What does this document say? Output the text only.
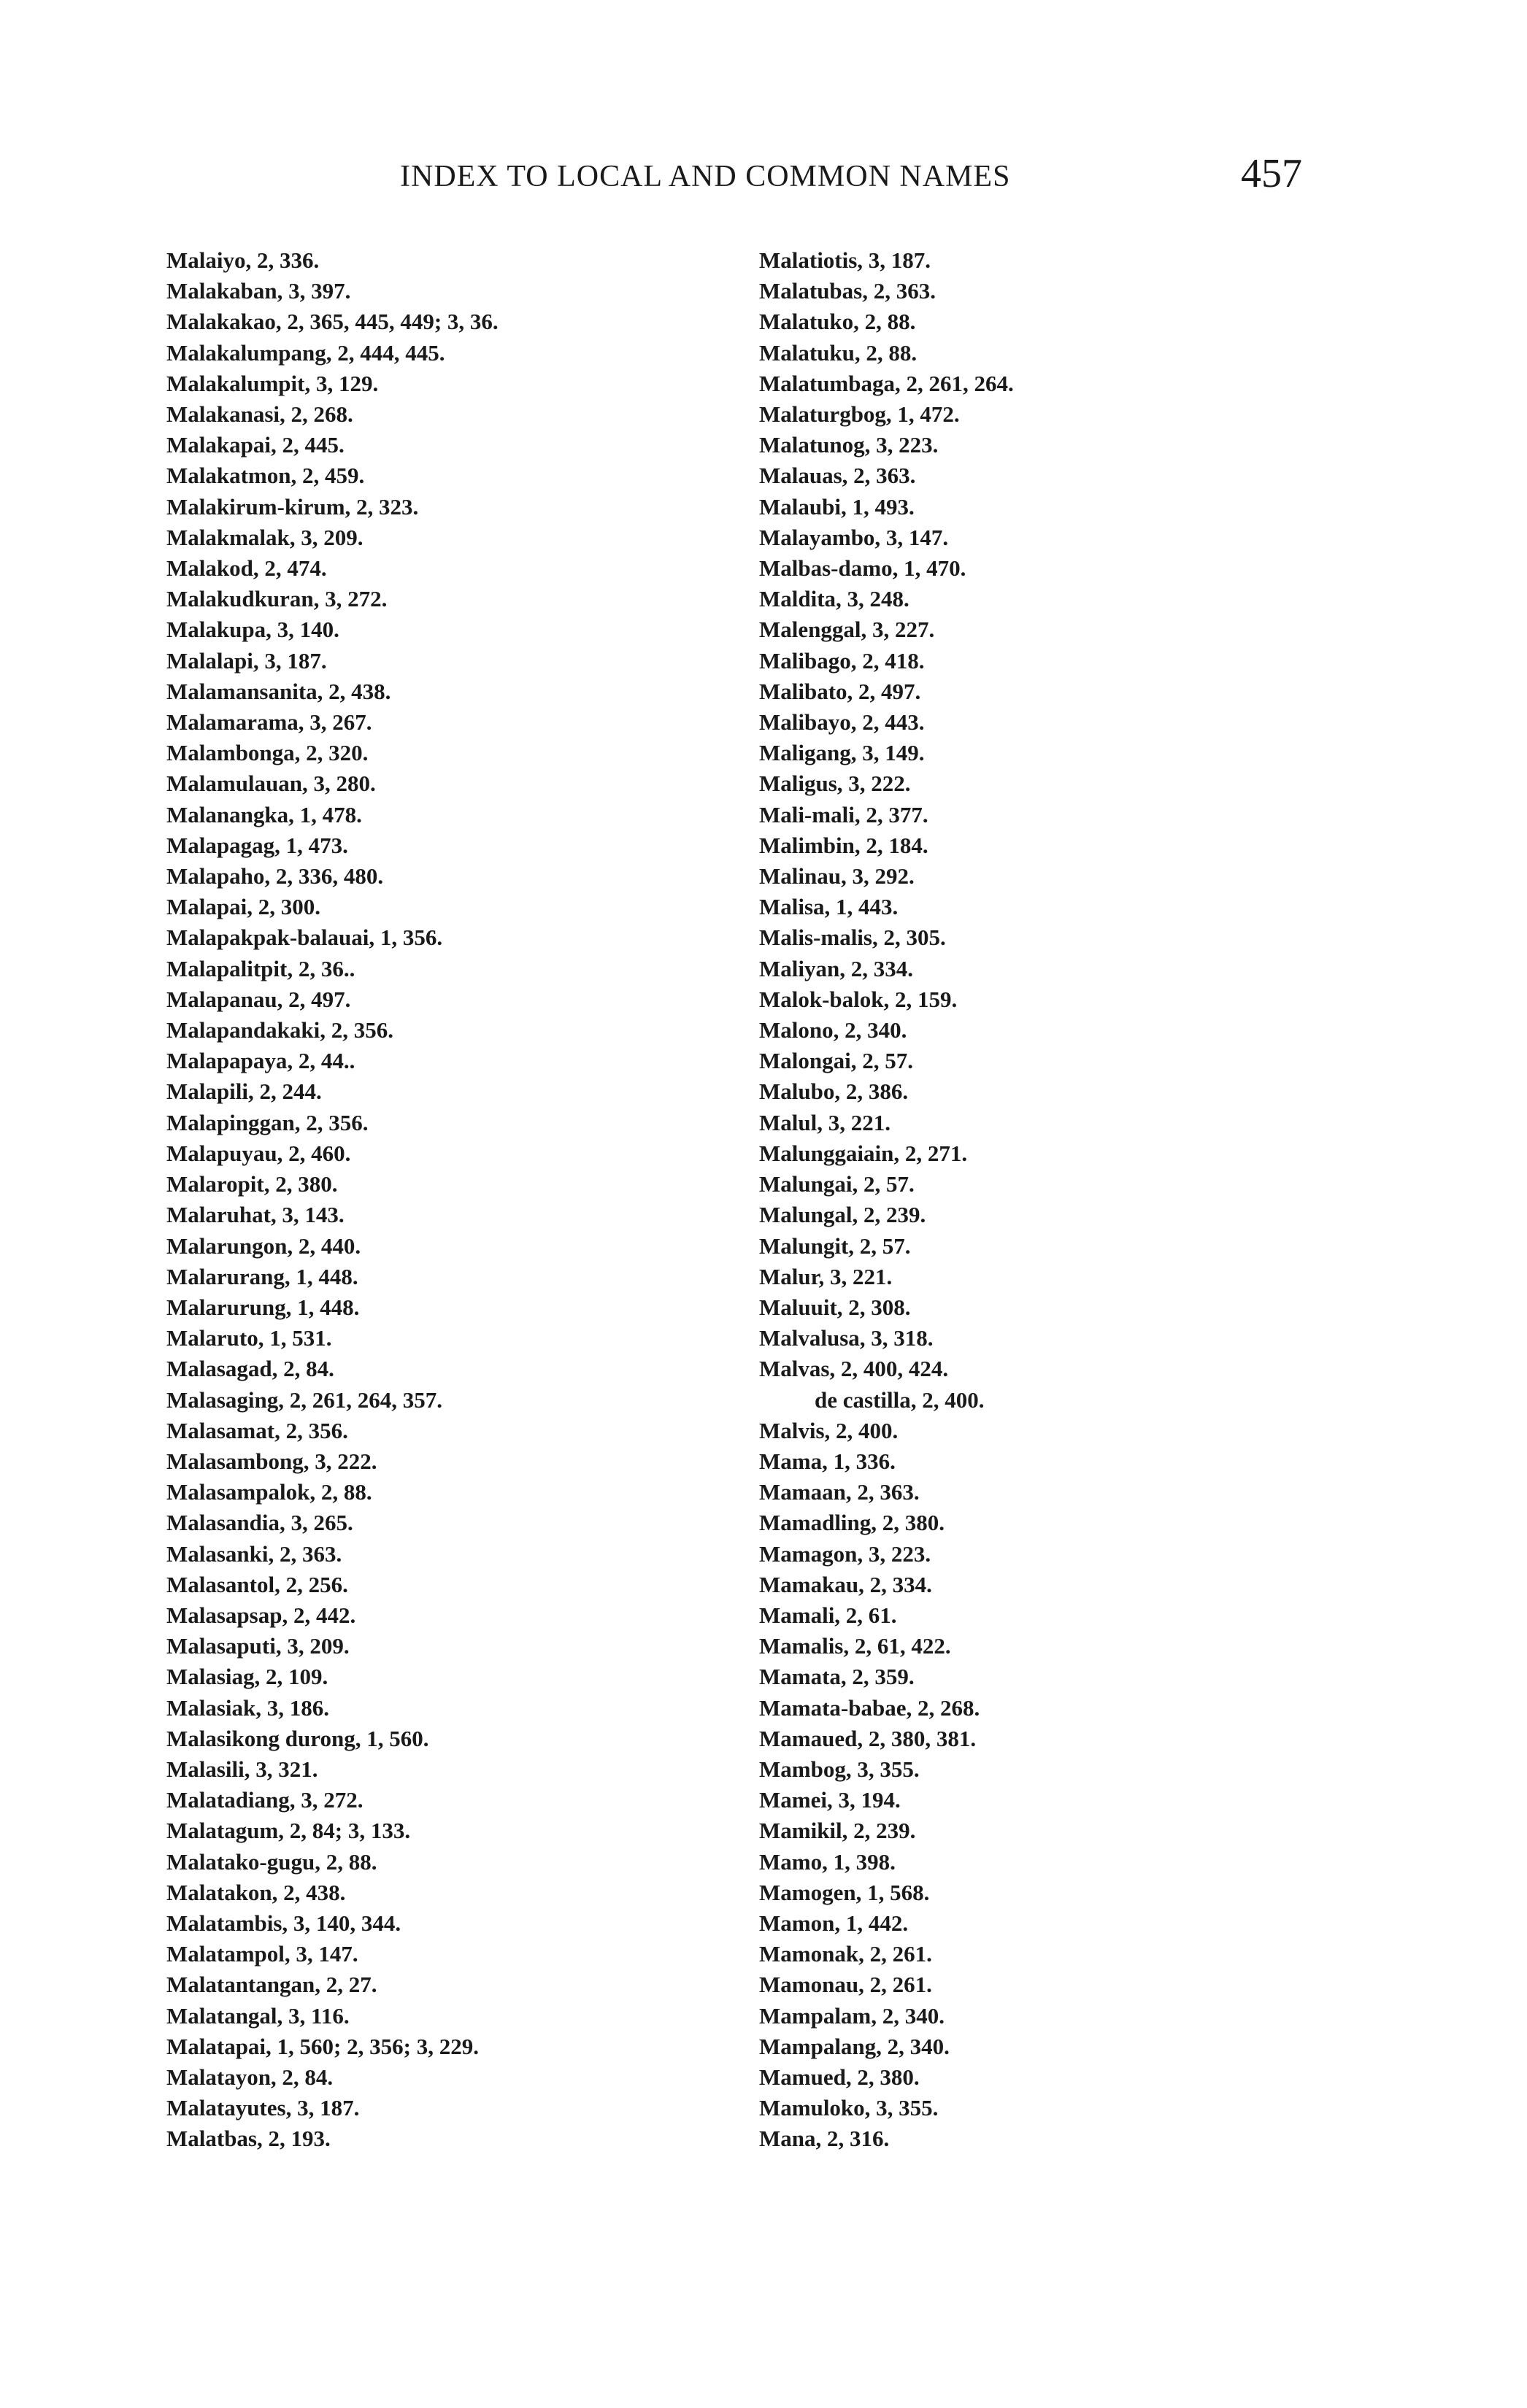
INDEX TO LOCAL AND COMMON NAMES	457
Malaiyo, 2, 336.
Malakaban, 3, 397.
Malakakao, 2, 365, 445, 449; 3, 36.
Malakalumpang, 2, 444, 445.
Malakalumpit, 3, 129.
Malakanasi, 2, 268.
Malakapai, 2, 445.
Malakatmon, 2, 459.
Malakirum-kirum, 2, 323.
Malakmalak, 3, 209.
Malakod, 2, 474.
Malakudkuran, 3, 272.
Malakupa, 3, 140.
Malalapi, 3, 187.
Malamansanita, 2, 438.
Malamarama, 3, 267.
Malambonga, 2, 320.
Malamulauan, 3, 280.
Malanangka, 1, 478.
Malapagag, 1, 473.
Malapaho, 2, 336, 480.
Malapai, 2, 300.
Malapakpak-balauai, 1, 356.
Malapalitpit, 2, 36..
Malapanau, 2, 497.
Malapandakaki, 2, 356.
Malapapaya, 2, 44..
Malapili, 2, 244.
Malapinggan, 2, 356.
Malapuyau, 2, 460.
Malaropit, 2, 380.
Malaruhat, 3, 143.
Malarungon, 2, 440.
Malarurang, 1, 448.
Malarurung, 1, 448.
Malaruto, 1, 531.
Malasagad, 2, 84.
Malasaging, 2, 261, 264, 357.
Malasamat, 2, 356.
Malasambong, 3, 222.
Malasampalok, 2, 88.
Malasandia, 3, 265.
Malasanki, 2, 363.
Malasantol, 2, 256.
Malasapsap, 2, 442.
Malasaputi, 3, 209.
Malasiag, 2, 109.
Malasiak, 3, 186.
Malasikong durong, 1, 560.
Malasili, 3, 321.
Malatadiang, 3, 272.
Malatagum, 2, 84; 3, 133.
Malatako-gugu, 2, 88.
Malatakon, 2, 438.
Malatambis, 3, 140, 344.
Malatampol, 3, 147.
Malatantangan, 2, 27.
Malatangal, 3, 116.
Malatapai, 1, 560; 2, 356; 3, 229.
Malatayon, 2, 84.
Malatayutes, 3, 187.
Malatbas, 2, 193.
Malatiotis, 3, 187.
Malatubas, 2, 363.
Malatuko, 2, 88.
Malatuku, 2, 88.
Malatumbaga, 2, 261, 264.
Malaturgbog, 1, 472.
Malatunog, 3, 223.
Malauas, 2, 363.
Malaubi, 1, 493.
Malayambo, 3, 147.
Malbas-damo, 1, 470.
Maldita, 3, 248.
Malenggal, 3, 227.
Malibago, 2, 418.
Malibato, 2, 497.
Malibayo, 2, 443.
Maligang, 3, 149.
Maligus, 3, 222.
Mali-mali, 2, 377.
Malimbin, 2, 184.
Malinau, 3, 292.
Malisa, 1, 443.
Malis-malis, 2, 305.
Maliyan, 2, 334.
Malok-balok, 2, 159.
Malono, 2, 340.
Malongai, 2, 57.
Malubo, 2, 386.
Malul, 3, 221.
Malunggaiain, 2, 271.
Malungai, 2, 57.
Malungal, 2, 239.
Malungit, 2, 57.
Malur, 3, 221.
Maluuit, 2, 308.
Malvalusa, 3, 318.
Malvas, 2, 400, 424.
de castilla, 2, 400.
Malvis, 2, 400.
Mama, 1, 336.
Mamaan, 2, 363.
Mamadling, 2, 380.
Mamagon, 3, 223.
Mamakau, 2, 334.
Mamali, 2, 61.
Mamalis, 2, 61, 422.
Mamata, 2, 359.
Mamata-babae, 2, 268.
Mamaued, 2, 380, 381.
Mambog, 3, 355.
Mamei, 3, 194.
Mamikil, 2, 239.
Mamo, 1, 398.
Mamogen, 1, 568.
Mamon, 1, 442.
Mamonak, 2, 261.
Mamonau, 2, 261.
Mampalam, 2, 340.
Mampalang, 2, 340.
Mamued, 2, 380.
Mamuloko, 3, 355.
Mana, 2, 316.
